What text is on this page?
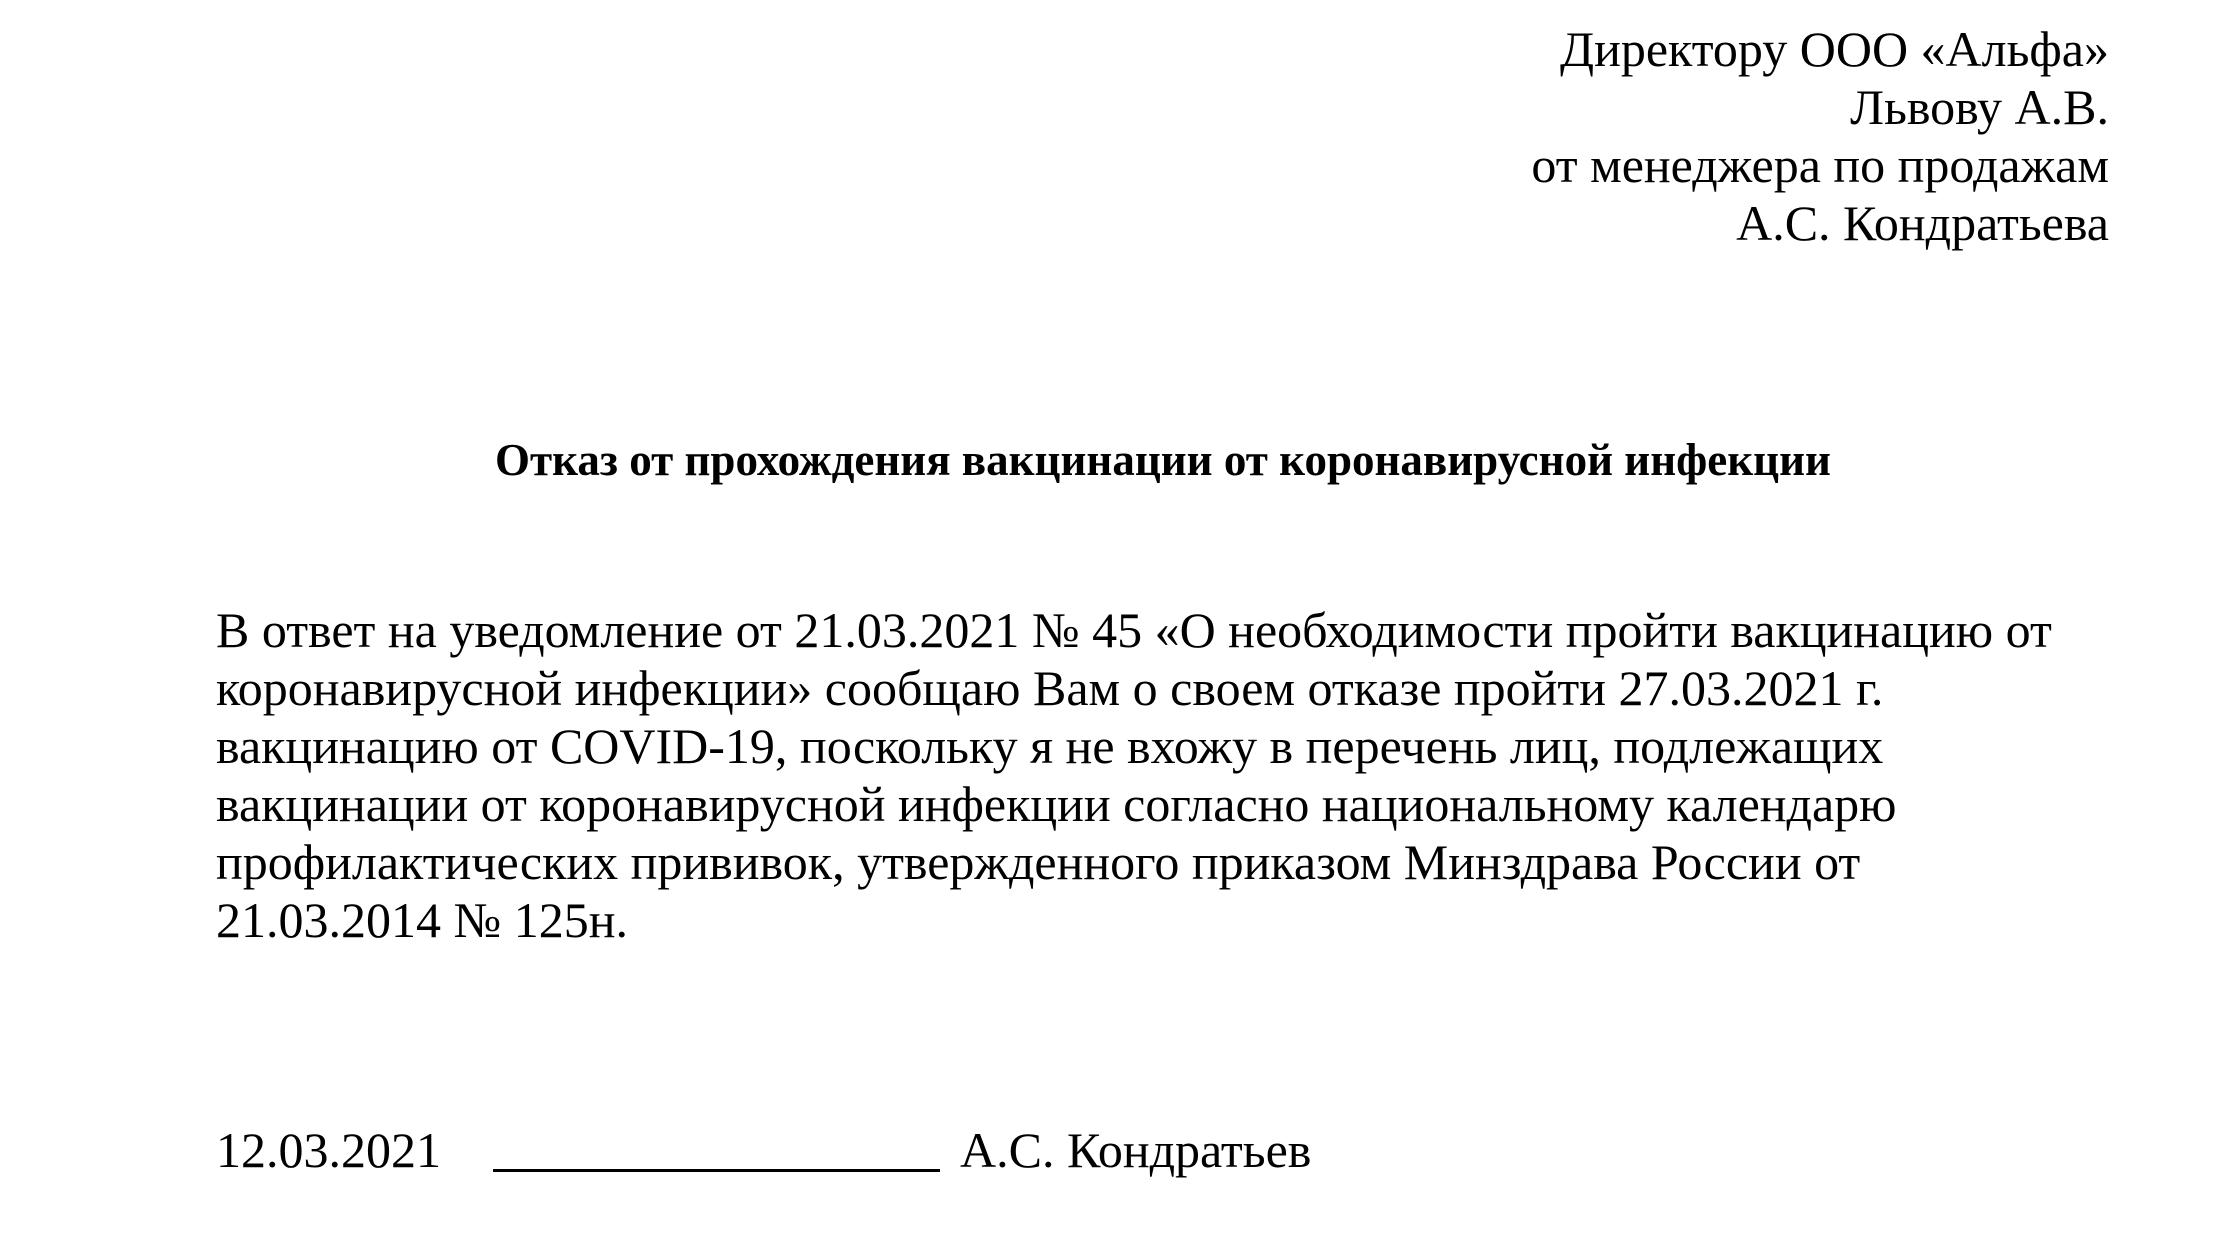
Директору ООО «Альфа»
Львову А.В.
от менеджера по продажам
А.С. Кондратьева
Отказ от прохождения вакцинации от коронавирусной инфекции
В ответ на уведомление от 21.03.2021 № 45 «О необходимости пройти вакцинацию от
коронавирусной инфекции» сообщаю Вам о своем отказе пройти 27.03.2021 г.
вакцинацию от COVID-19, поскольку я не вхожу в перечень лиц, подлежащих
вакцинации от коронавирусной инфекции согласно национальному календарю
профилактических прививок, утвержденного приказом Минздрава России от
21.03.2014 № 125н.
12.03.2021	А.С. Кондратьев
